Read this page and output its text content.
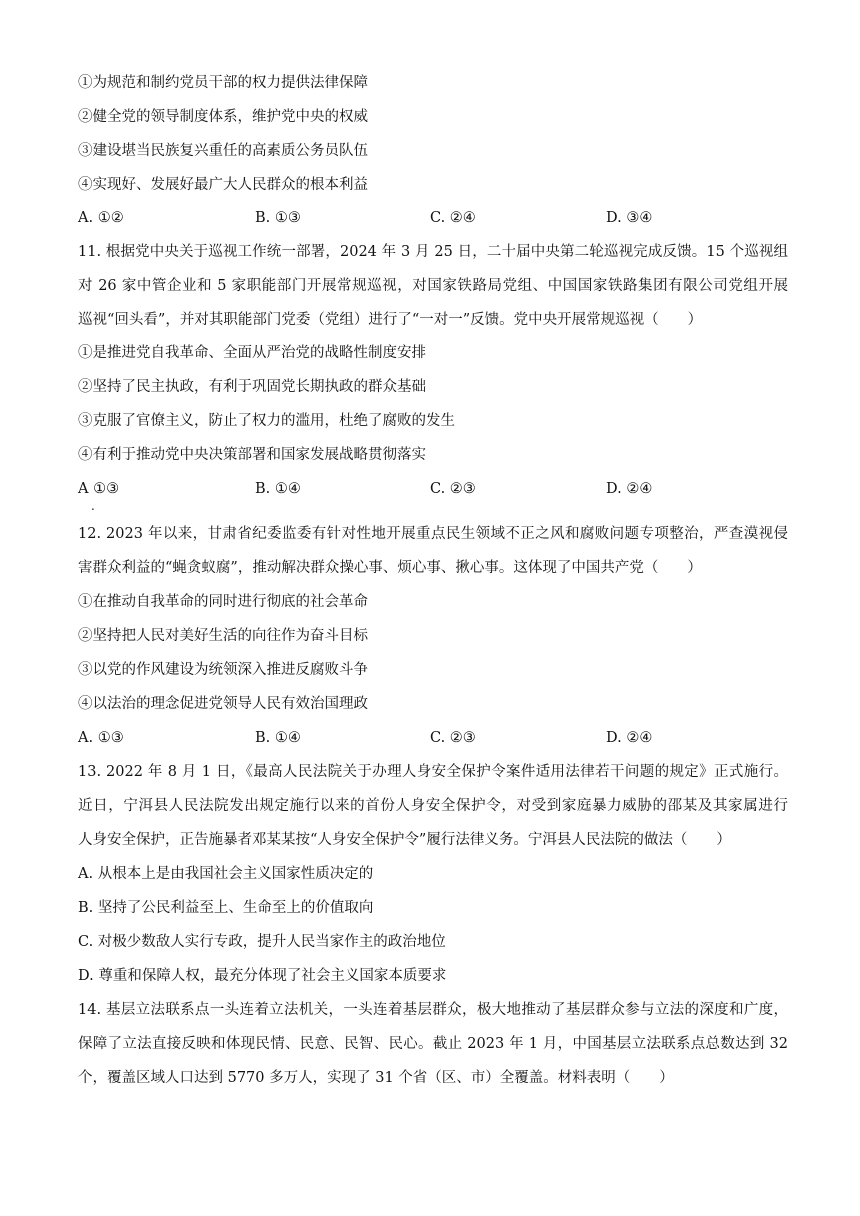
①为规范和制约党员干部的权力提供法律保障
②健全党的领导制度体系，维护党中央的权威
③建设堪当民族复兴重任的高素质公务员队伍
④实现好、发展好最广大人民群众的根本利益
A. ①②	B. ①③	C. ②④	D. ③④
11. 根据党中央关于巡视工作统一部署，2024 年 3 月 25 日，二十届中央第二轮巡视完成反馈。15 个巡视组
对 26 家中管企业和 5 家职能部门开展常规巡视，对国家铁路局党组、中国国家铁路集团有限公司党组开展
巡视“回头看”，并对其职能部门党委（党组）进行了“一对一”反馈。党中央开展常规巡视（　　）
①是推进党自我革命、全面从严治党的战略性制度安排
②坚持了民主执政，有利于巩固党长期执政的群众基础
③克服了官僚主义，防止了权力的滥用，杜绝了腐败的发生
④有利于推动党中央决策部署和国家发展战略贯彻落实
A ①③
.
B. ①④	C. ②③	D. ②④
12. 2023 年以来，甘肃省纪委监委有针对性地开展重点民生领域不正之风和腐败问题专项整治，严查漠视侵
害群众利益的“蝇贪蚁腐”，推动解决群众操心事、烦心事、揪心事。这体现了中国共产党（　　）
①在推动自我革命的同时进行彻底的社会革命
②坚持把人民对美好生活的向往作为奋斗目标
③以党的作风建设为统领深入推进反腐败斗争
④以法治的理念促进党领导人民有效治国理政
A. ①③	B. ①④	C. ②③	D. ②④
13. 2022 年 8 月 1 日，《最高人民法院关于办理人身安全保护令案件适用法律若干问题的规定》正式施行。
近日，宁洱县人民法院发出规定施行以来的首份人身安全保护令，对受到家庭暴力威胁的邵某及其家属进行
人身安全保护，正告施暴者邓某某按“人身安全保护令”履行法律义务。宁洱县人民法院的做法（　　）
A. 从根本上是由我国社会主义国家性质决定的
B. 坚持了公民利益至上、生命至上的价值取向
C. 对极少数敌人实行专政，提升人民当家作主的政治地位
D. 尊重和保障人权，最充分体现了社会主义国家本质要求
14. 基层立法联系点一头连着立法机关，一头连着基层群众，极大地推动了基层群众参与立法的深度和广度，
保障了立法直接反映和体现民情、民意、民智、民心。截止 2023 年 1 月，中国基层立法联系点总数达到 32
个，覆盖区域人口达到 5770 多万人，实现了 31 个省（区、市）全覆盖。材料表明（　　）
